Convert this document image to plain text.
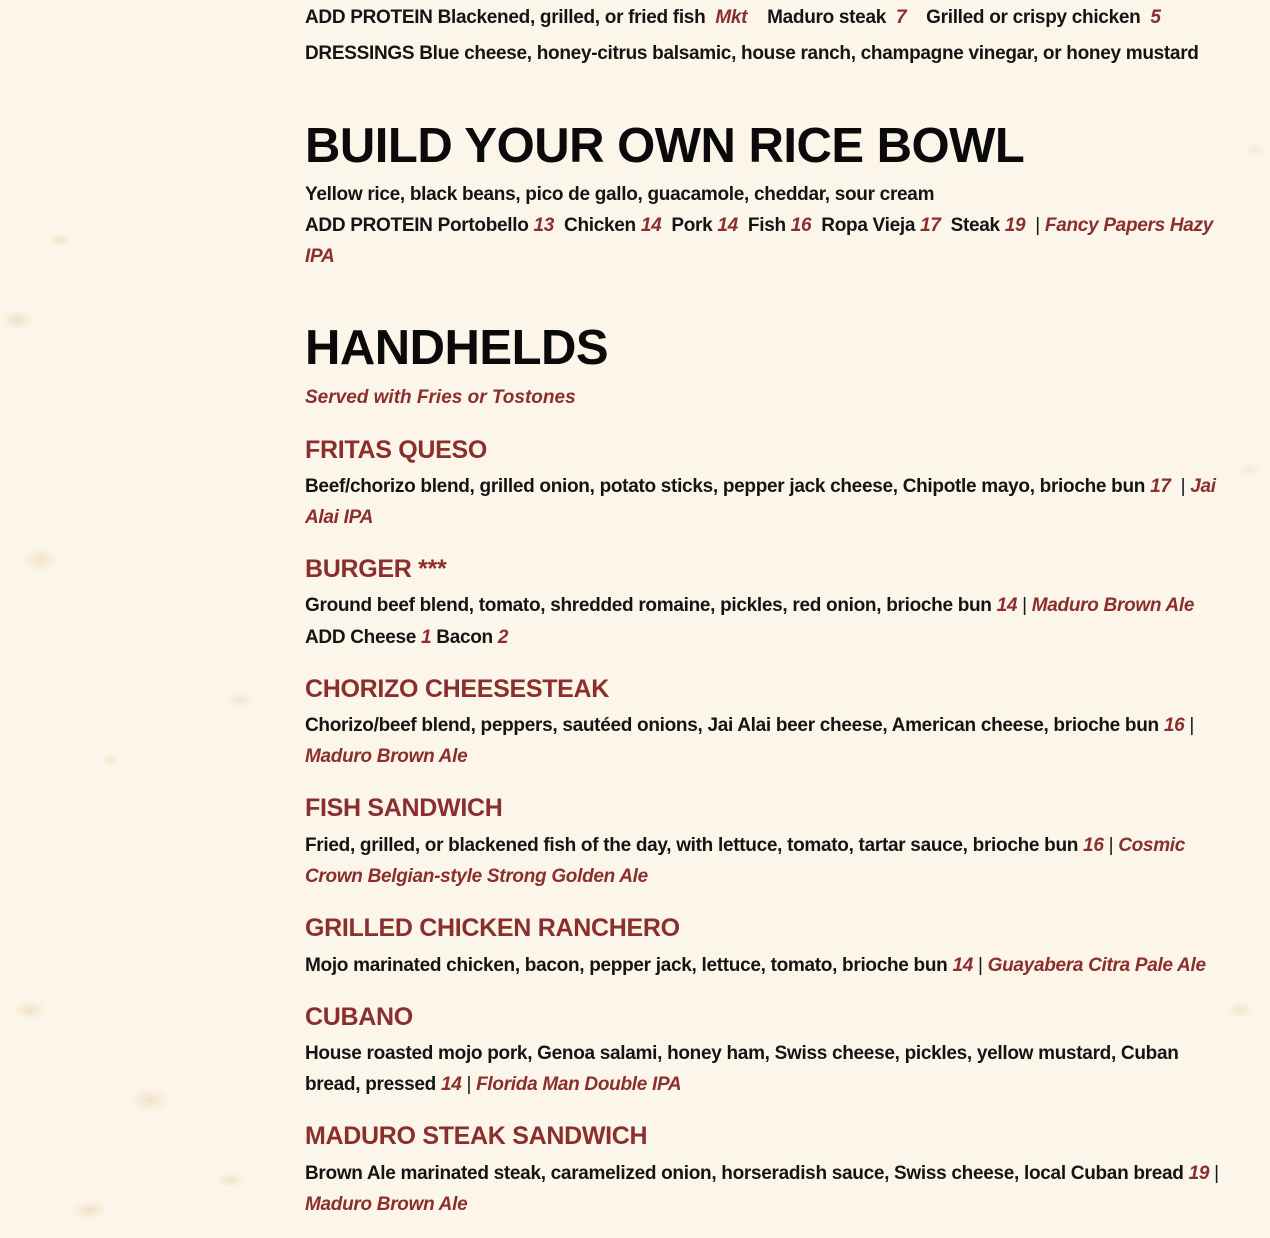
ADD PROTEIN Blackened, grilled, or fried fish Mkt Maduro steak 7 Grilled or crispy chicken 5
DRESSINGS Blue cheese, honey-citrus balsamic, house ranch, champagne vinegar, or honey mustard
BUILD YOUR OWN RICE BOWL
Yellow rice, black beans, pico de gallo, guacamole, cheddar, sour cream
ADD PROTEIN Portobello 13 Chicken 14 Pork 14 Fish 16 Ropa Vieja 17 Steak 19 | Fancy Papers Hazy IPA
HANDHELDS
Served with Fries or Tostones
FRITAS QUESO
Beef/chorizo blend, grilled onion, potato sticks, pepper jack cheese, Chipotle mayo, brioche bun 17 | Jai Alai IPA
BURGER ***
Ground beef blend, tomato, shredded romaine, pickles, red onion, brioche bun 14 | Maduro Brown Ale
ADD Cheese 1 Bacon 2
CHORIZO CHEESESTEAK
Chorizo/beef blend, peppers, sautéed onions, Jai Alai beer cheese, American cheese, brioche bun 16 | Maduro Brown Ale
FISH SANDWICH
Fried, grilled, or blackened fish of the day, with lettuce, tomato, tartar sauce, brioche bun 16 | Cosmic Crown Belgian-style Strong Golden Ale
GRILLED CHICKEN RANCHERO
Mojo marinated chicken, bacon, pepper jack, lettuce, tomato, brioche bun 14 | Guayabera Citra Pale Ale
CUBANO
House roasted mojo pork, Genoa salami, honey ham, Swiss cheese, pickles, yellow mustard, Cuban bread, pressed 14 | Florida Man Double IPA
MADURO STEAK SANDWICH
Brown Ale marinated steak, caramelized onion, horseradish sauce, Swiss cheese, local Cuban bread 19 | Maduro Brown Ale
